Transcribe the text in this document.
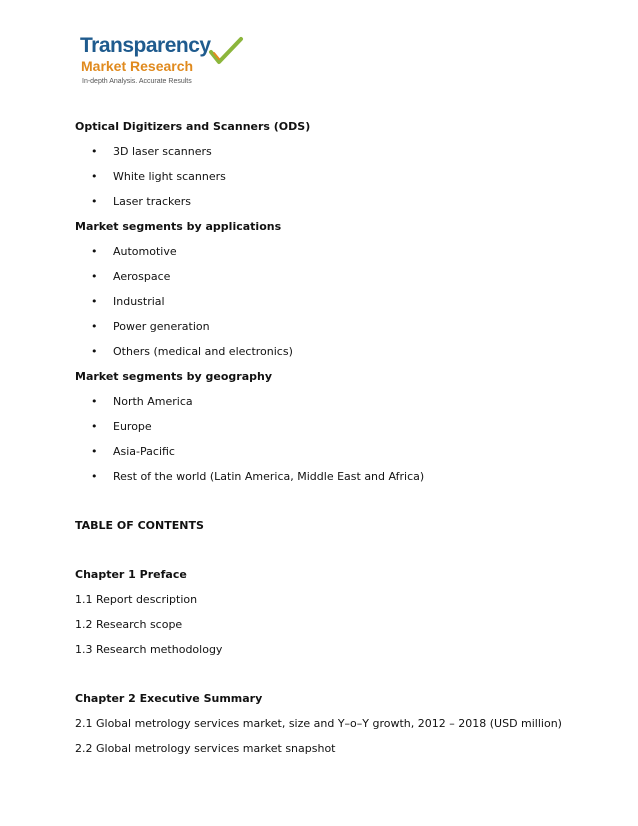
Transparency
Market Research
In-depth Analysis. Accurate Results
Optical Digitizers and Scanners (ODS)
• 3D laser scanners
• White light scanners
• Laser trackers
Market segments by applications
• Automotive
• Aerospace
• Industrial
• Power generation
• Others (medical and electronics)
Market segments by geography
• North America
• Europe
• Asia-Pacific
• Rest of the world (Latin America, Middle East and Africa)
TABLE OF CONTENTS
Chapter 1 Preface
1.1 Report description
1.2 Research scope
1.3 Research methodology
Chapter 2 Executive Summary
2.1 Global metrology services market, size and Y–o–Y growth, 2012 – 2018 (USD million)
2.2 Global metrology services market snapshot
